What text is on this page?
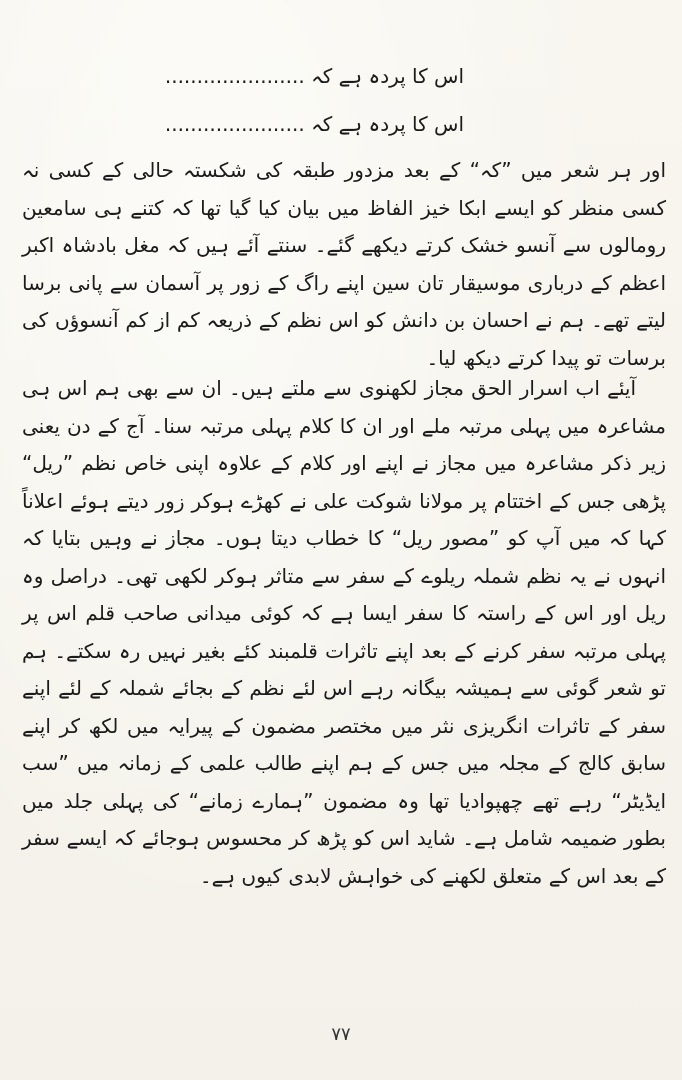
اس کا پردہ ہے کہ ......................
اس کا پردہ ہے کہ ......................
اور ہر شعر میں ”کہ“ کے بعد مزدور طبقہ کی شکستہ حالی کے کسی نہ کسی منظر کو ایسے ابکا خیز الفاظ میں بیان کیا گیا تھا کہ کتنے ہی سامعین رومالوں سے آنسو خشک کرتے دیکھے گئے۔ سنتے آئے ہیں کہ مغل بادشاہ اکبر اعظم کے درباری موسیقار تان سین اپنے راگ کے زور پر آسمان سے پانی برسا لیتے تھے۔ ہم نے احسان بن دانش کو اس نظم کے ذریعہ کم از کم آنسوؤں کی برسات تو پیدا کرتے دیکھ لیا۔
آیئے اب اسرار الحق مجاز لکھنوی سے ملتے ہیں۔ ان سے بھی ہم اس ہی مشاعرہ میں پہلی مرتبہ ملے اور ان کا کلام پہلی مرتبہ سنا۔ آج کے دن یعنی زیر ذکر مشاعرہ میں مجاز نے اپنے اور کلام کے علاوہ اپنی خاص نظم ”ریل“ پڑھی جس کے اختتام پر مولانا شوکت علی نے کھڑے ہوکر زور دیتے ہوئے اعلاناً کہا کہ میں آپ کو ”مصور ریل“ کا خطاب دیتا ہوں۔ مجاز نے وہیں بتایا کہ انہوں نے یہ نظم شملہ ریلوے کے سفر سے متاثر ہوکر لکھی تھی۔ دراصل وہ ریل اور اس کے راستہ کا سفر ایسا ہے کہ کوئی میدانی صاحب قلم اس پر پہلی مرتبہ سفر کرنے کے بعد اپنے تاثرات قلمبند کئے بغیر نہیں رہ سکتے۔ ہم تو شعر گوئی سے ہمیشہ بیگانہ رہے اس لئے نظم کے بجائے شملہ کے لئے اپنے سفر کے تاثرات انگریزی نثر میں مختصر مضمون کے پیرایہ میں لکھ کر اپنے سابق کالج کے مجلہ میں جس کے ہم اپنے طالب علمی کے زمانہ میں ”سب ایڈیٹر“ رہے تھے چھپوادیا تھا وہ مضمون ”ہمارے زمانے“ کی پہلی جلد میں بطور ضمیمہ شامل ہے۔ شاید اس کو پڑھ کر محسوس ہوجائے کہ ایسے سفر کے بعد اس کے متعلق لکھنے کی خواہش لابدی کیوں ہے۔
۷۷
